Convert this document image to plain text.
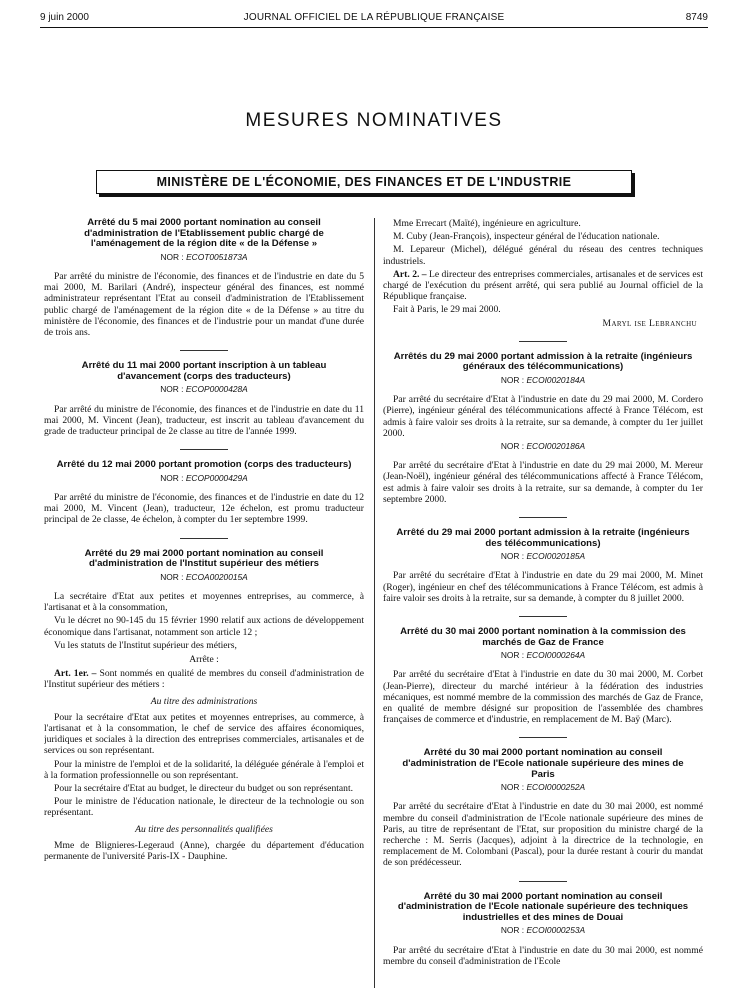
9 juin 2000	JOURNAL OFFICIEL DE LA RÉPUBLIQUE FRANÇAISE	8749
MESURES NOMINATIVES
MINISTÈRE DE L'ÉCONOMIE, DES FINANCES ET DE L'INDUSTRIE
Arrêté du 5 mai 2000 portant nomination au conseil d'administration de l'Etablissement public chargé de l'aménagement de la région dite « de la Défense »
NOR : ECOT0051873A

Par arrêté du ministre de l'économie, des finances et de l'industrie en date du 5 mai 2000, M. Barilari (André), inspecteur général des finances, est nommé administrateur représentant l'Etat au conseil d'administration de l'Etablissement public chargé de l'aménagement de la région dite « de la Défense » au titre du ministère de l'économie, des finances et de l'industrie pour un mandat d'une durée de trois ans.

Arrêté du 11 mai 2000 portant inscription à un tableau d'avancement (corps des traducteurs)
NOR : ECOP0000428A

Par arrêté du ministre de l'économie, des finances et de l'industrie en date du 11 mai 2000, M. Vincent (Jean), traducteur, est inscrit au tableau d'avancement du grade de traducteur principal de 2e classe au titre de l'année 1999.

Arrêté du 12 mai 2000 portant promotion (corps des traducteurs)
NOR : ECOP0000429A

Par arrêté du ministre de l'économie, des finances et de l'industrie en date du 12 mai 2000, M. Vincent (Jean), traducteur, 12e échelon, est promu traducteur principal de 2e classe, 4e échelon, à compter du 1er septembre 1999.

Arrêté du 29 mai 2000 portant nomination au conseil d'administration de l'Institut supérieur des métiers
NOR : ECOA0020015A

La secrétaire d'Etat aux petites et moyennes entreprises, au commerce, à l'artisanat et à la consommation,

Vu le décret no 90-145 du 15 février 1990 relatif aux actions de développement économique dans l'artisanat, notamment son article 12 ;

Vu les statuts de l'Institut supérieur des métiers,

Arrête :

Art. 1er. – Sont nommés en qualité de membres du conseil d'administration de l'Institut supérieur des métiers :

Au titre des administrations

Pour la secrétaire d'Etat aux petites et moyennes entreprises, au commerce, à l'artisanat et à la consommation, le chef de service des affaires économiques, juridiques et sociales à la direction des entreprises commerciales, artisanales et de services ou son représentant.

Pour la ministre de l'emploi et de la solidarité, la déléguée générale à l'emploi et à la formation professionnelle ou son représentant.

Pour la secrétaire d'Etat au budget, le directeur du budget ou son représentant.

Pour le ministre de l'éducation nationale, le directeur de la technologie ou son représentant.

Au titre des personnalités qualifiées

Mme de Blignieres-Legeraud (Anne), chargée du département d'éducation permanente de l'université Paris-IX - Dauphine.

Mme Errecart (Maïté), ingénieure en agriculture.

M. Cuby (Jean-François), inspecteur général de l'éducation nationale.

M. Lepareur (Michel), délégué général du réseau des centres techniques industriels.

Art. 2. – Le directeur des entreprises commerciales, artisanales et de services est chargé de l'exécution du présent arrêté, qui sera publié au Journal officiel de la République française.

Fait à Paris, le 29 mai 2000.

Maryl ise Lebranchu
Arrêtés du 29 mai 2000 portant admission à la retraite (ingénieurs généraux des télécommunications)
NOR : ECOI0020184A

Par arrêté du secrétaire d'Etat à l'industrie en date du 29 mai 2000, M. Cordero (Pierre), ingénieur général des télécommunications affecté à France Télécom, est admis à faire valoir ses droits à la retraite, sur sa demande, à compter du 1er juillet 2000.

NOR : ECOI0020186A

Par arrêté du secrétaire d'Etat à l'industrie en date du 29 mai 2000, M. Mereur (Jean-Noël), ingénieur général des télécommunications affecté à France Télécom, est admis à faire valoir ses droits à la retraite, sur sa demande, à compter du 1er septembre 2000.

Arrêté du 29 mai 2000 portant admission à la retraite (ingénieurs des télécommunications)
NOR : ECOI0020185A

Par arrêté du secrétaire d'Etat à l'industrie en date du 29 mai 2000, M. Minet (Roger), ingénieur en chef des télécommunications à France Télécom, est admis à faire valoir ses droits à la retraite, sur sa demande, à compter du 8 juillet 2000.

Arrêté du 30 mai 2000 portant nomination à la commission des marchés de Gaz de France
NOR : ECOI0000264A

Par arrêté du secrétaire d'Etat à l'industrie en date du 30 mai 2000, M. Corbet (Jean-Pierre), directeur du marché intérieur à la fédération des industries mécaniques, est nommé membre de la commission des marchés de Gaz de France, en qualité de membre désigné sur proposition de l'assemblée des chambres françaises de commerce et d'industrie, en remplacement de M. Baÿ (Marc).

Arrêté du 30 mai 2000 portant nomination au conseil d'administration de l'Ecole nationale supérieure des mines de Paris
NOR : ECOI0000252A

Par arrêté du secrétaire d'Etat à l'industrie en date du 30 mai 2000, est nommé membre du conseil d'administration de l'Ecole nationale supérieure des mines de Paris, au titre de représentant de l'Etat, sur proposition du ministre chargé de la recherche : M. Serris (Jacques), adjoint à la directrice de la technologie, en remplacement de M. Colombani (Pascal), pour la durée restant à courir du mandat de son prédécesseur.

Arrêté du 30 mai 2000 portant nomination au conseil d'administration de l'Ecole nationale supérieure des techniques industrielles et des mines de Douai
NOR : ECOI0000253A

Par arrêté du secrétaire d'Etat à l'industrie en date du 30 mai 2000, est nommé membre du conseil d'administration de l'Ecole
